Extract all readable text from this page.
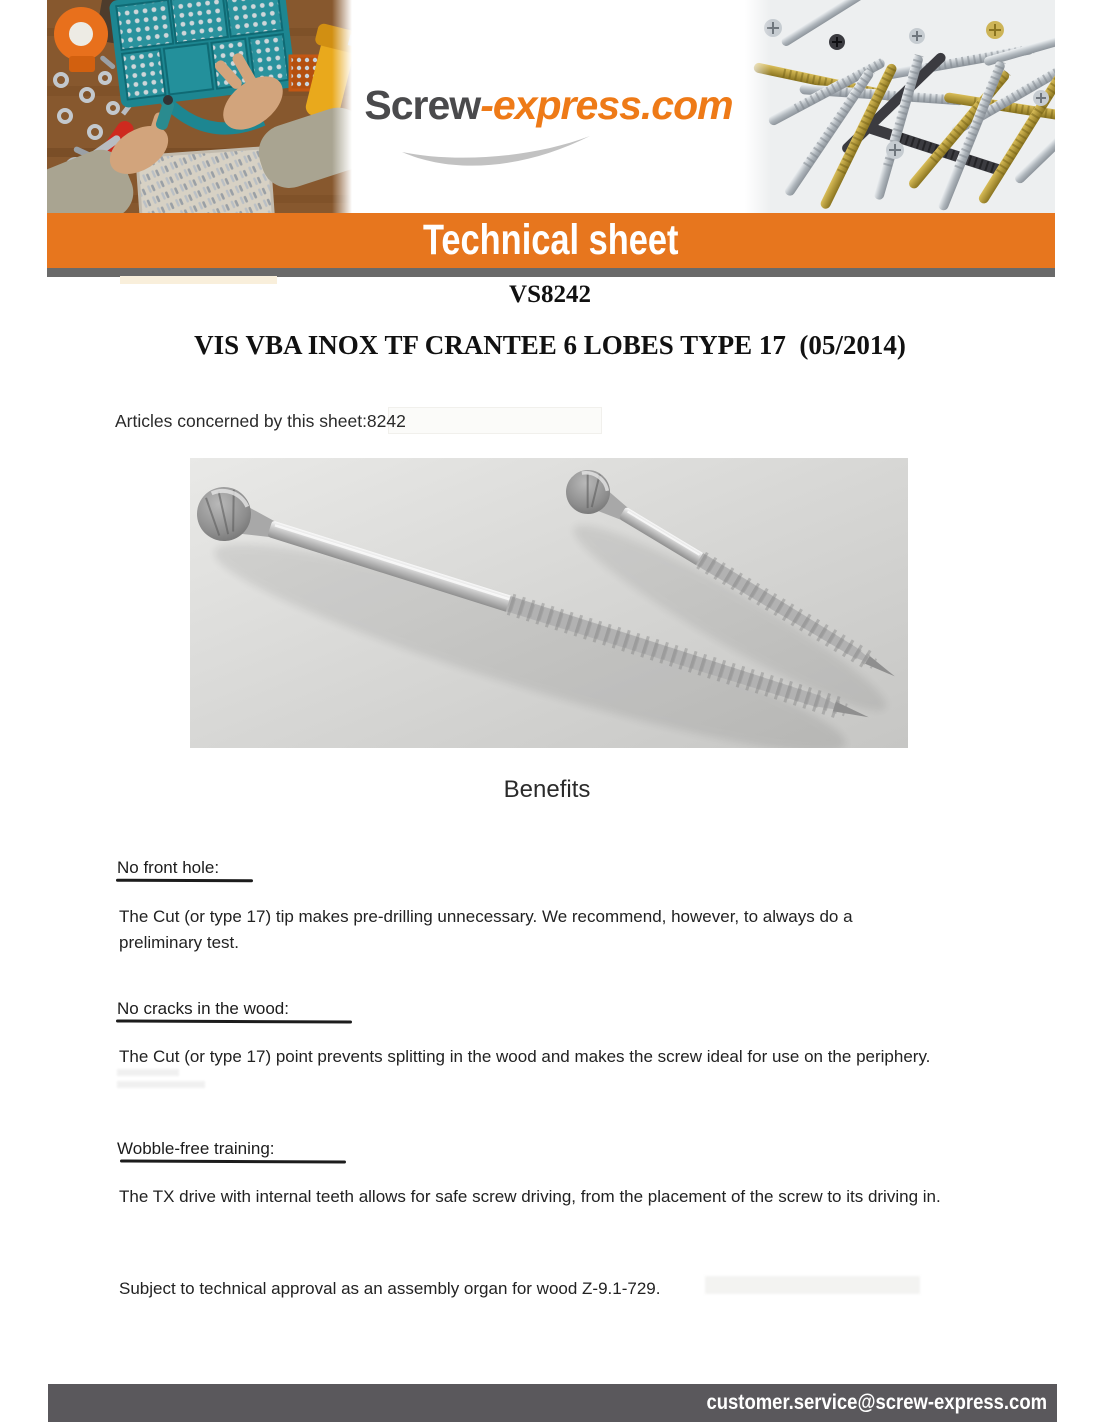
Screw-express.com
Technical sheet
VS8242
VIS VBA INOX TF CRANTEE 6 LOBES TYPE 17  (05/2014)
Articles concerned by this sheet:8242
Benefits
No front hole:
The Cut (or type 17) tip makes pre-drilling unnecessary. We recommend, however, to always do a preliminary test.
No cracks in the wood:
The Cut (or type 17) point prevents splitting in the wood and makes the screw ideal for use on the periphery.
Wobble-free training:
The TX drive with internal teeth allows for safe screw driving, from the placement of the screw to its driving in.
Subject to technical approval as an assembly organ for wood Z-9.1-729.
customer.service@screw-express.com
